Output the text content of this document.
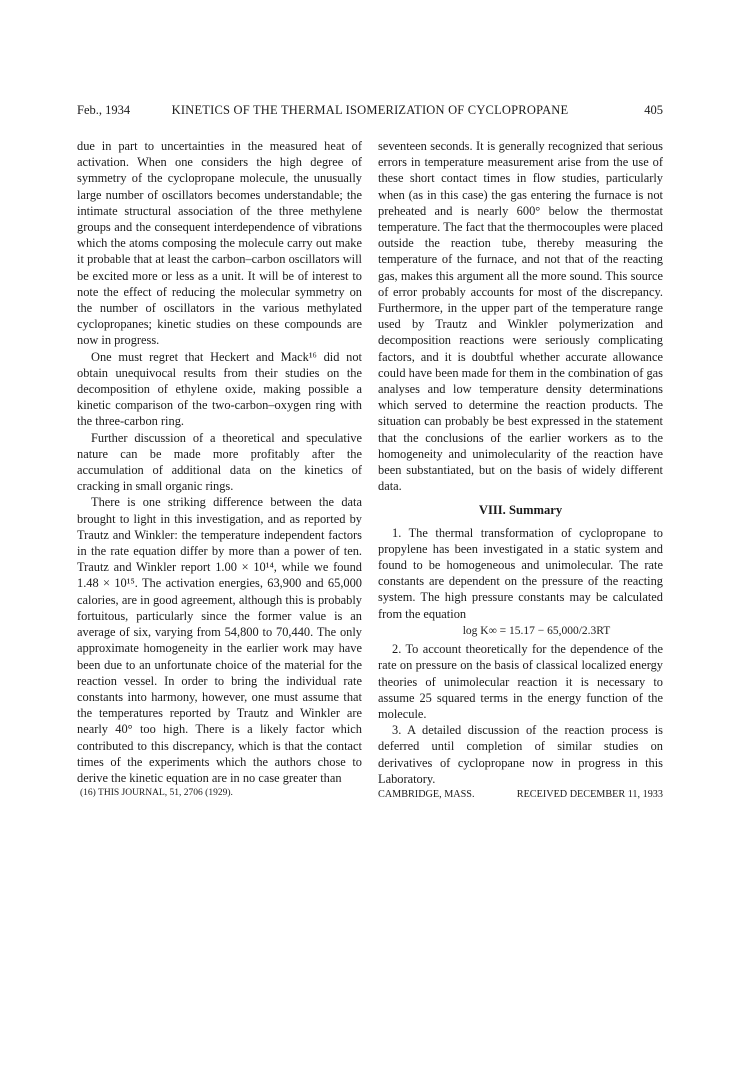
Feb., 1934	KINETICS OF THE THERMAL ISOMERIZATION OF CYCLOPROPANE	405

due in part to uncertainties in the measured heat of activation. When one considers the high degree of symmetry of the cyclopropane molecule, the unusually large number of oscillators becomes understandable; the intimate structural association of the three methylene groups and the consequent interdependence of vibrations which the atoms composing the molecule carry out make it probable that at least the carbon–carbon oscillators will be excited more or less as a unit. It will be of interest to note the effect of reducing the molecular symmetry on the number of oscillators in the various methylated cyclopropanes; kinetic studies on these compounds are now in progress.

One must regret that Heckert and Mack¹⁶ did not obtain unequivocal results from their studies on the decomposition of ethylene oxide, making possible a kinetic comparison of the two-carbon–oxygen ring with the three-carbon ring.

Further discussion of a theoretical and speculative nature can be made more profitably after the accumulation of additional data on the kinetics of cracking in small organic rings.

There is one striking difference between the data brought to light in this investigation, and as reported by Trautz and Winkler: the temperature independent factors in the rate equation differ by more than a power of ten. Trautz and Winkler report 1.00 × 10¹⁴, while we found 1.48 × 10¹⁵. The activation energies, 63,900 and 65,000 calories, are in good agreement, although this is probably fortuitous, particularly since the former value is an average of six, varying from 54,800 to 70,440. The only approximate homogeneity in the earlier work may have been due to an unfortunate choice of the material for the reaction vessel. In order to bring the individual rate constants into harmony, however, one must assume that the temperatures reported by Trautz and Winkler are nearly 40° too high. There is a likely factor which contributed to this discrepancy, which is that the contact times of the experiments which the authors chose to derive the kinetic equation are in no case greater than

(16) THIS JOURNAL, 51, 2706 (1929).

seventeen seconds. It is generally recognized that serious errors in temperature measurement arise from the use of these short contact times in flow studies, particularly when (as in this case) the gas entering the furnace is not preheated and is nearly 600° below the thermostat temperature. The fact that the thermocouples were placed outside the reaction tube, thereby measuring the temperature of the furnace, and not that of the reacting gas, makes this argument all the more sound. This source of error probably accounts for most of the discrepancy. Furthermore, in the upper part of the temperature range used by Trautz and Winkler polymerization and decomposition reactions were seriously complicating factors, and it is doubtful whether accurate allowance could have been made for them in the combination of gas analyses and low temperature density determinations which served to determine the reaction products. The situation can probably be best expressed in the statement that the conclusions of the earlier workers as to the homogeneity and unimolecularity of the reaction have been substantiated, but on the basis of widely different data.

VIII. Summary

1. The thermal transformation of cyclopropane to propylene has been investigated in a static system and found to be homogeneous and unimolecular. The rate constants are dependent on the pressure of the reacting system. The high pressure constants may be calculated from the equation

log K∞ = 15.17 − 65,000/2.3RT

2. To account theoretically for the dependence of the rate on pressure on the basis of classical localized energy theories of unimolecular reaction it is necessary to assume 25 squared terms in the energy function of the molecule.

3. A detailed discussion of the reaction process is deferred until completion of similar studies on derivatives of cyclopropane now in progress in this Laboratory.

CAMBRIDGE, MASS.	RECEIVED DECEMBER 11, 1933
